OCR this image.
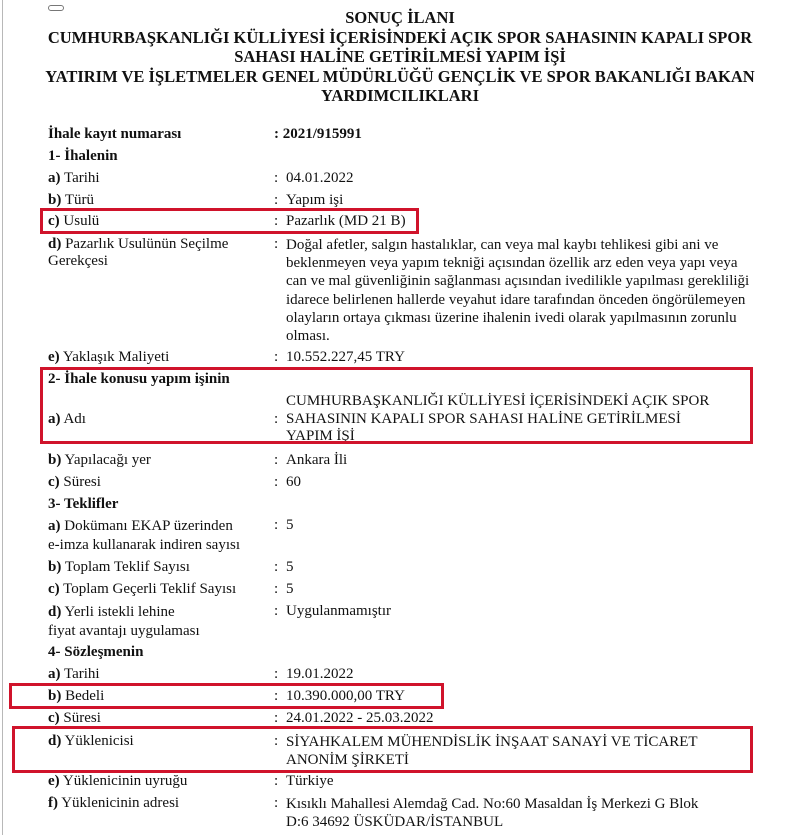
SONUÇ İLANI
CUMHURBAŞKANLIĞI KÜLLİYESİ İÇERİSİNDEKİ AÇIK SPOR SAHASININ KAPALI SPOR
SAHASI HALİNE GETİRİLMESİ YAPIM İŞİ
YATIRIM VE İŞLETMELER GENEL MÜDÜRLÜĞÜ GENÇLİK VE SPOR BAKANLIĞI BAKAN
YARDIMCILIKLARI
İhale kayıt numarası	: 2021/915991
1- İhalenin
a) Tarihi	: 04.01.2022
b) Türü	: Yapım işi
c) Usulü	: Pazarlık (MD 21 B)
d) Pazarlık Usulünün Seçilme
Gerekçesi
: Doğal afetler, salgın hastalıklar, can veya mal kaybı tehlikesi gibi ani ve beklenmeyen veya yapım tekniği açısından özellik arz eden veya yapı veya can ve mal güvenliğinin sağlanması açısından ivedilikle yapılması gerekliliği idarece belirlenen hallerde veyahut idare tarafından önceden öngörülemeyen olayların ortaya çıkması üzerine ihalenin ivedi olarak yapılmasının zorunlu olması.
e) Yaklaşık Maliyeti	: 10.552.227,45 TRY
2- İhale konusu yapım işinin
a) Adı	:
CUMHURBAŞKANLIĞI KÜLLİYESİ İÇERİSİNDEKİ AÇIK SPOR
SAHASININ KAPALI SPOR SAHASI HALİNE GETİRİLMESİ
YAPIM İŞİ
b) Yapılacağı yer	: Ankara İli
c) Süresi	: 60
3- Teklifler
a) Dokümanı EKAP üzerinden
e-imza kullanarak indiren sayısı
: 5
b) Toplam Teklif Sayısı	: 5
c) Toplam Geçerli Teklif Sayısı	: 5
d) Yerli istekli lehine
fiyat avantajı uygulaması
: Uygulanmamıştır
4- Sözleşmenin
a) Tarihi	: 19.01.2022
b) Bedeli	: 10.390.000,00 TRY
c) Süresi	: 24.01.2022 - 25.03.2022
d) Yüklenicisi	: SİYAHKALEM MÜHENDİSLİK İNŞAAT SANAYİ VE TİCARET
ANONİM ŞİRKETİ
e) Yüklenicinin uyruğu	: Türkiye
f) Yüklenicinin adresi	: Kısıklı Mahallesi Alemdağ Cad. No:60 Masaldan İş Merkezi G Blok
D:6 34692 ÜSKÜDAR/İSTANBUL
